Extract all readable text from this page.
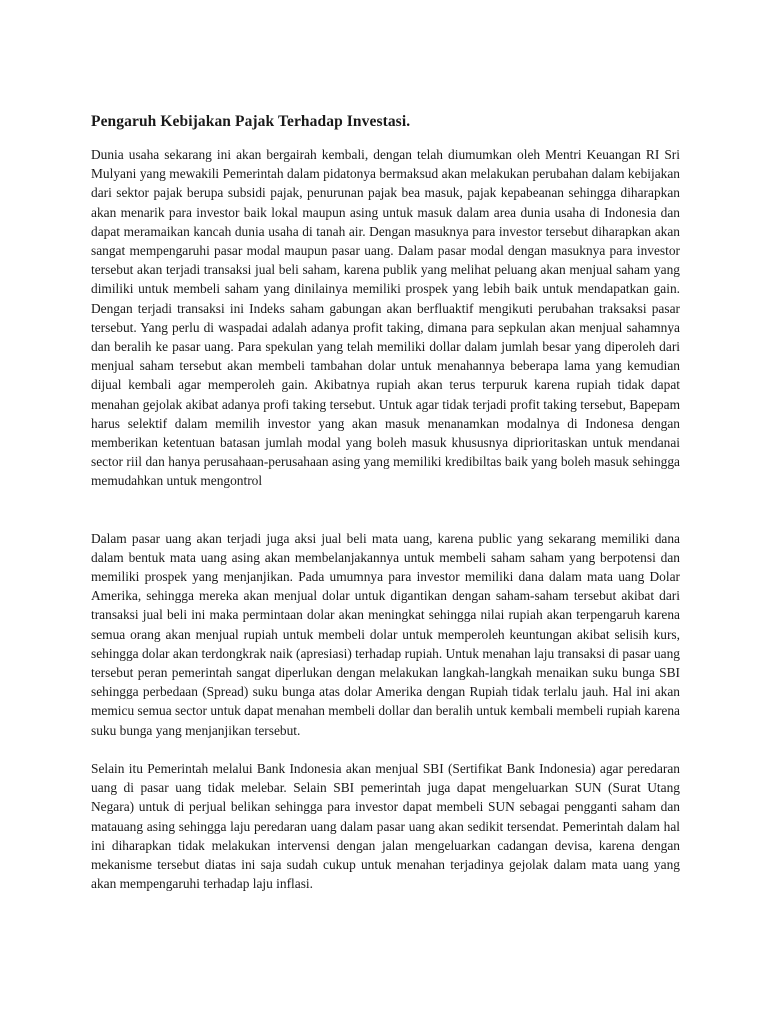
Pengaruh Kebijakan Pajak Terhadap Investasi.

Dunia usaha sekarang ini akan bergairah kembali, dengan telah diumumkan oleh Mentri Keuangan RI Sri Mulyani yang mewakili Pemerintah dalam pidatonya bermaksud akan melakukan perubahan dalam kebijakan dari sektor pajak berupa subsidi pajak, penurunan pajak bea masuk, pajak kepabeanan sehingga diharapkan akan menarik para investor baik lokal maupun asing untuk masuk dalam area dunia usaha di Indonesia dan dapat meramaikan kancah dunia usaha di tanah air. Dengan masuknya para investor tersebut diharapkan akan sangat mempengaruhi pasar modal maupun pasar uang. Dalam pasar modal dengan masuknya para investor tersebut akan terjadi transaksi jual beli saham, karena publik yang melihat peluang akan menjual saham yang dimiliki untuk membeli saham yang dinilainya memiliki prospek yang lebih baik untuk mendapatkan gain. Dengan terjadi transaksi ini Indeks saham gabungan akan berfluaktif mengikuti perubahan traksaksi pasar tersebut. Yang perlu di waspadai adalah adanya profit taking, dimana para sepkulan akan menjual sahamnya dan beralih ke pasar uang. Para spekulan yang telah memiliki dollar dalam jumlah besar yang diperoleh dari menjual saham tersebut akan membeli tambahan dolar untuk menahannya beberapa lama yang kemudian dijual kembali agar memperoleh gain. Akibatnya rupiah akan terus terpuruk karena rupiah tidak dapat menahan gejolak akibat adanya profi taking tersebut. Untuk agar tidak terjadi profit taking tersebut, Bapepam harus selektif dalam memilih investor yang akan masuk menanamkan modalnya di Indonesa dengan memberikan ketentuan batasan jumlah modal yang boleh masuk khususnya diprioritaskan untuk mendanai sector riil dan hanya perusahaan-perusahaan asing yang memiliki kredibiltas baik yang boleh masuk sehingga memudahkan untuk mengontrol

Dalam pasar uang akan terjadi juga aksi jual beli mata uang, karena public yang sekarang memiliki dana dalam bentuk mata uang asing akan membelanjakannya untuk membeli saham saham yang berpotensi dan memiliki prospek yang menjanjikan. Pada umumnya para investor memiliki dana dalam mata uang Dolar Amerika, sehingga mereka akan menjual dolar untuk digantikan dengan saham-saham tersebut akibat dari transaksi jual beli ini maka permintaan dolar akan meningkat sehingga nilai rupiah akan terpengaruh karena semua orang akan menjual rupiah untuk membeli dolar untuk memperoleh keuntungan akibat selisih kurs, sehingga dolar akan terdongkrak naik (apresiasi) terhadap rupiah. Untuk menahan laju transaksi di pasar uang tersebut peran pemerintah sangat diperlukan dengan melakukan langkah-langkah menaikan suku bunga SBI sehingga perbedaan (Spread) suku bunga atas dolar Amerika dengan Rupiah tidak terlalu jauh. Hal ini akan memicu semua sector untuk dapat menahan membeli dollar dan beralih untuk kembali membeli rupiah karena suku bunga yang menjanjikan tersebut.

Selain itu Pemerintah melalui Bank Indonesia akan menjual SBI (Sertifikat Bank Indonesia) agar peredaran uang di pasar uang tidak melebar. Selain SBI pemerintah juga dapat mengeluarkan SUN (Surat Utang Negara) untuk di perjual belikan sehingga para investor dapat membeli SUN sebagai pengganti saham dan matauang asing sehingga laju peredaran uang dalam pasar uang akan sedikit tersendat. Pemerintah dalam hal ini diharapkan tidak melakukan intervensi dengan jalan mengeluarkan cadangan devisa, karena dengan mekanisme tersebut diatas ini saja sudah cukup untuk menahan terjadinya gejolak dalam mata uang yang akan mempengaruhi terhadap laju inflasi.
